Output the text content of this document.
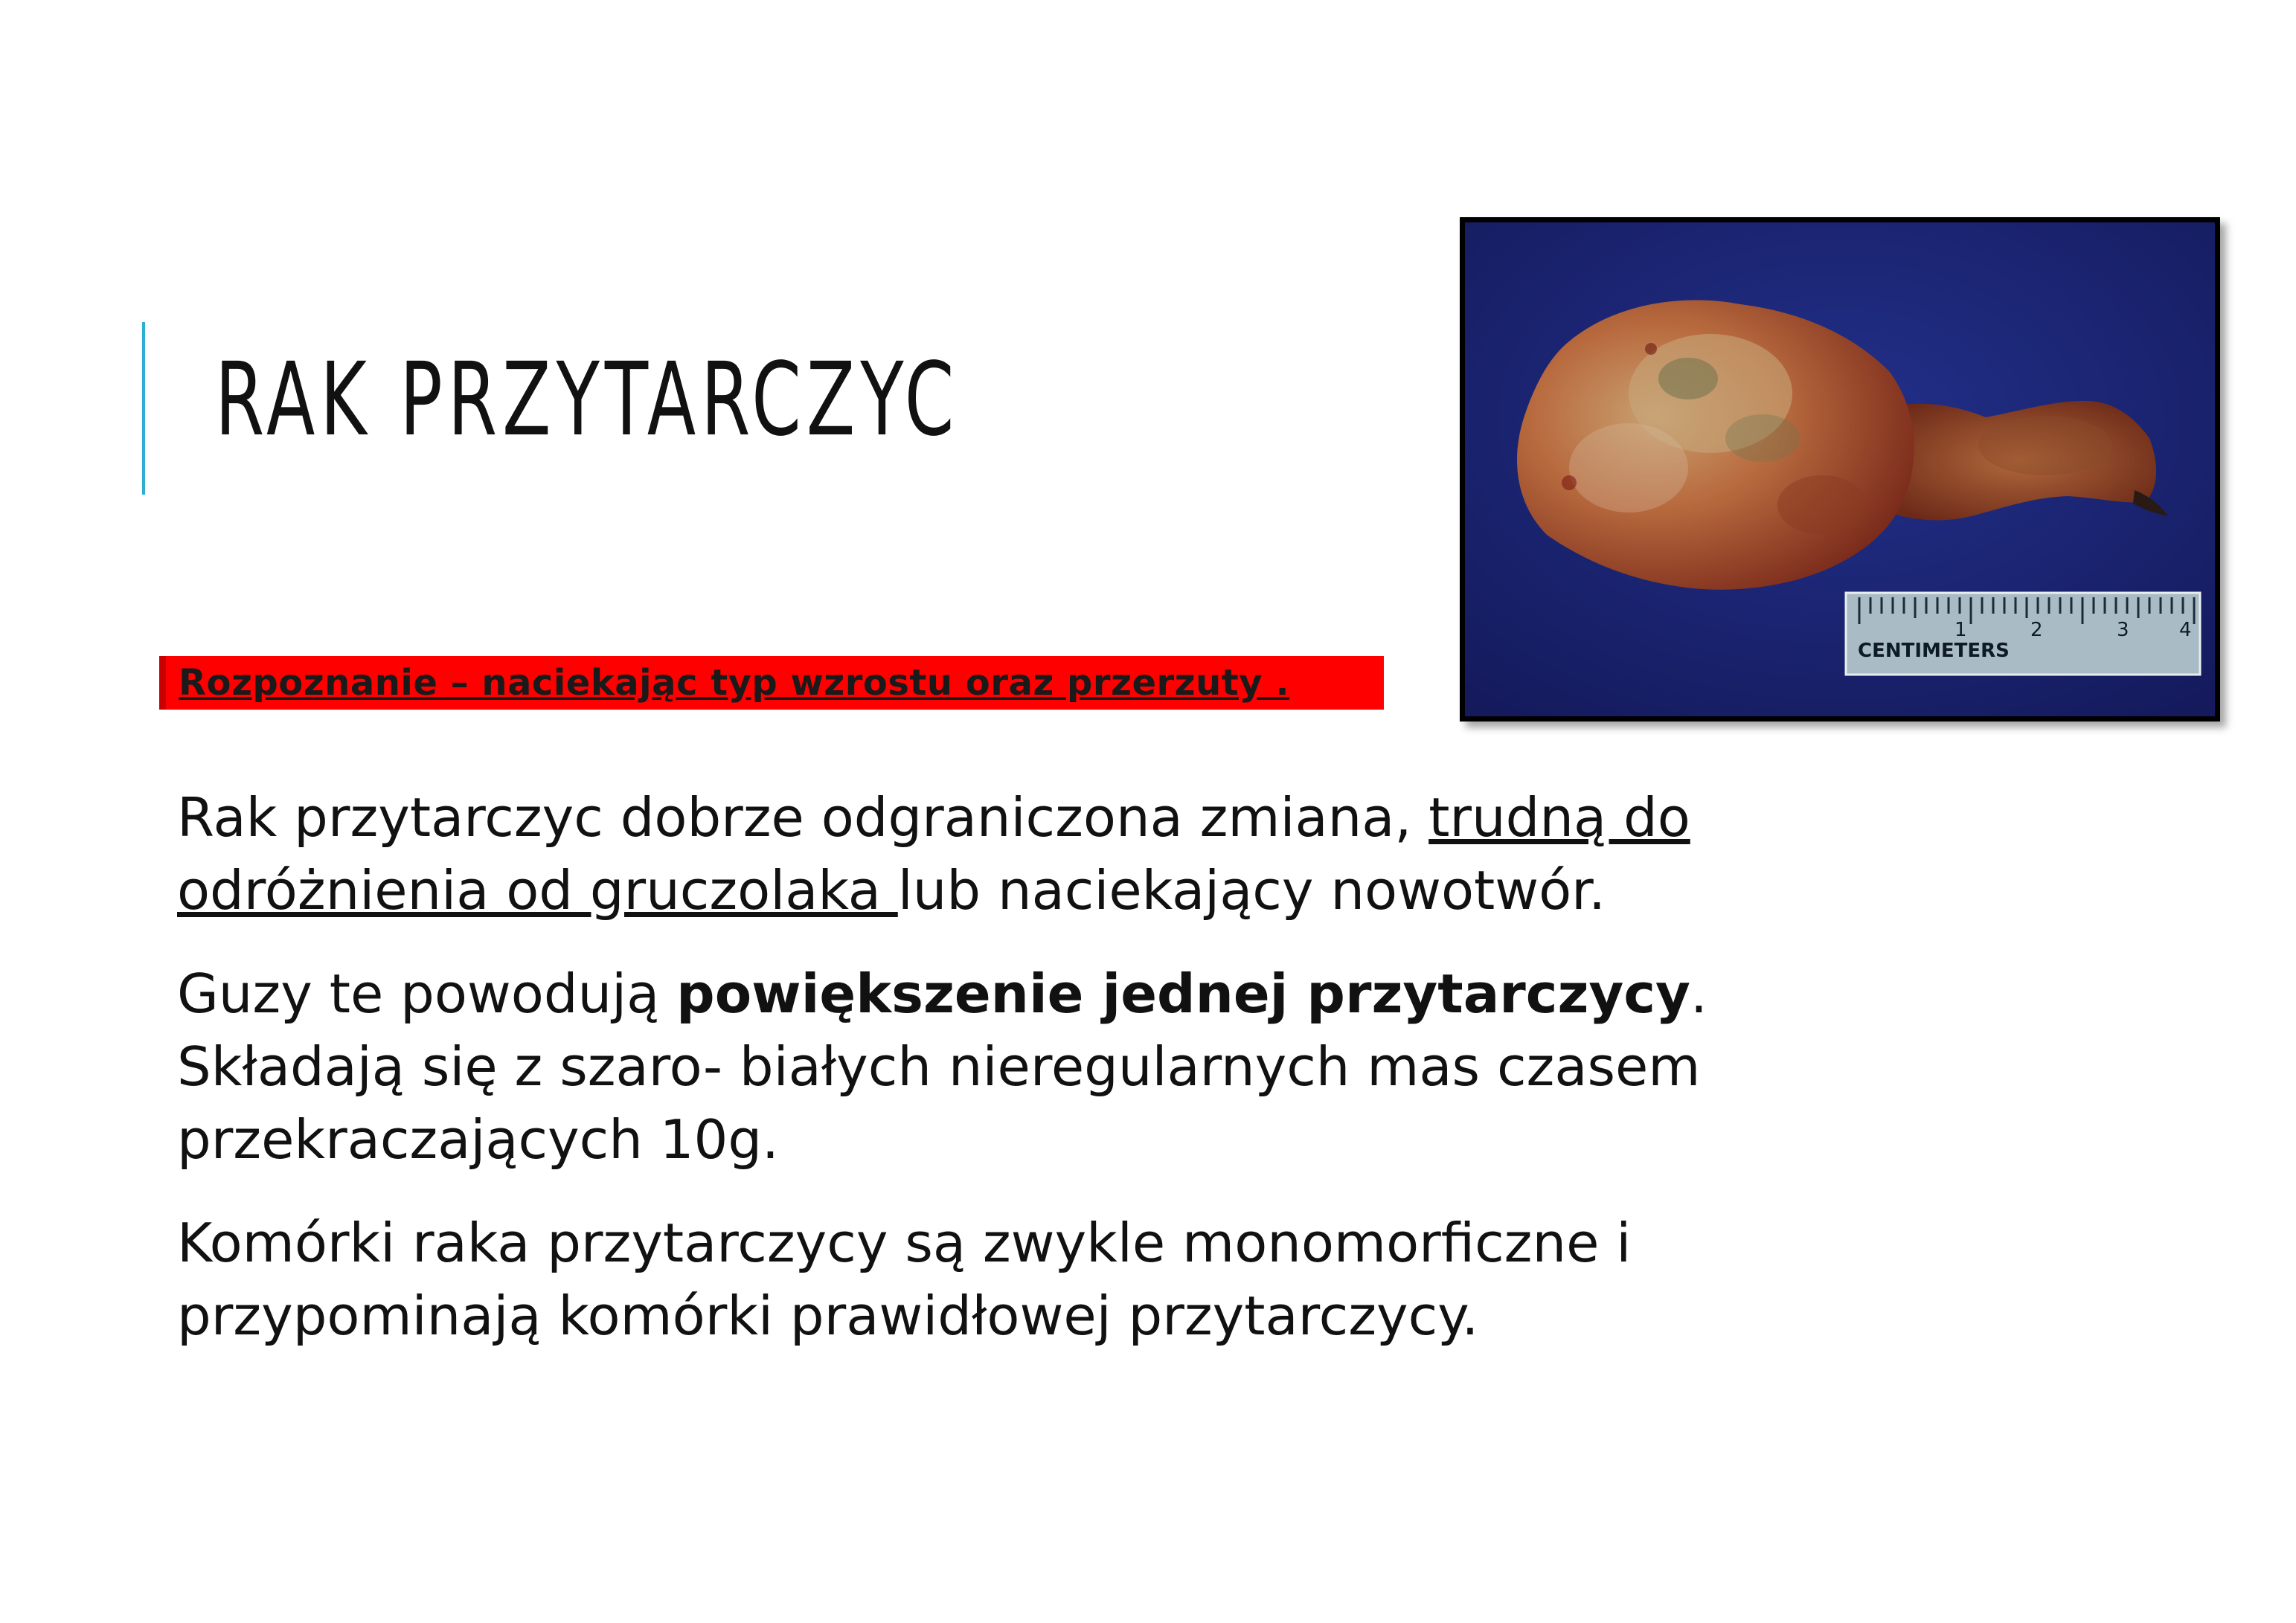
RAK PRZYTARCZYC
Rozpoznanie – naciekając typ wzrostu oraz przerzuty .
1	2	3	4
CENTIMETERS

Rak przytarczyc dobrze odgraniczona zmiana, trudną do odróżnienia od gruczolaka lub naciekający nowotwór.

Guzy te powodują powiększenie jednej przytarczycy. Składają się z szaro- białych nieregularnych mas czasem przekraczających 10g.

Komórki raka przytarczycy są zwykle monomorficzne i przypominają komórki prawidłowej przytarczycy.
